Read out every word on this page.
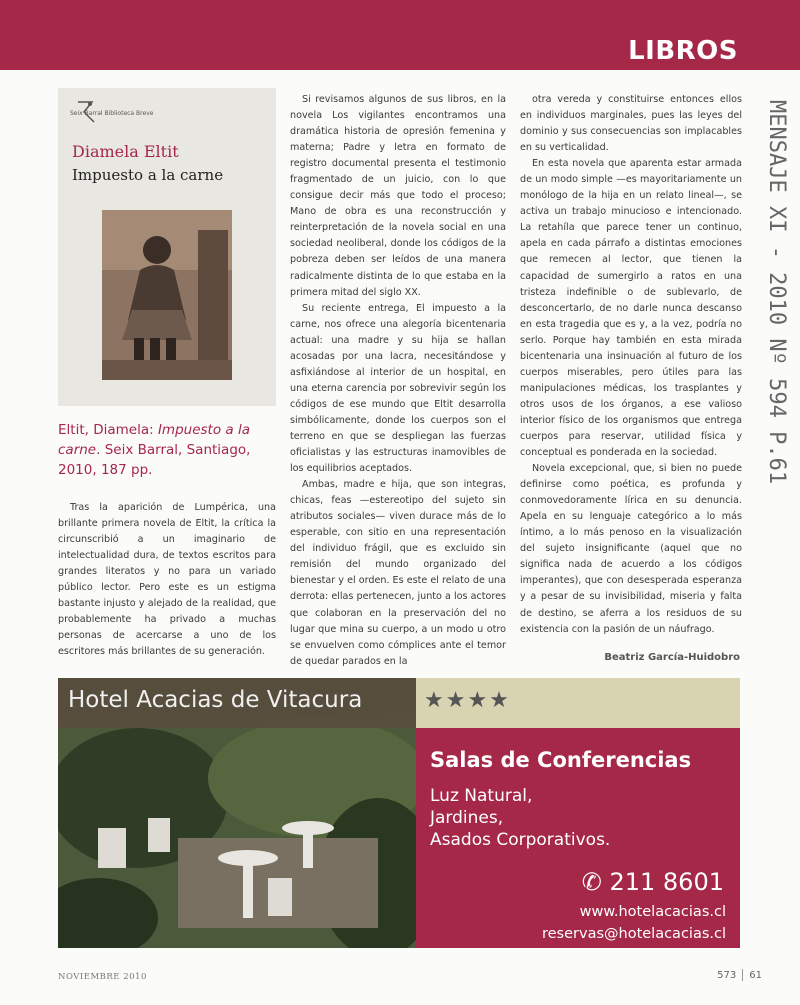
LIBROS
Seix Barral Biblioteca Breve
Diamela Eltit
Impuesto a la carne
Eltit, Diamela: Impuesto a la carne. Seix Barral, Santiago, 2010, 187 pp.

Tras la aparición de Lumpérica, una brillante primera novela de Eltit, la crítica la circunscribió a un imaginario de intelectualidad dura, de textos escritos para grandes literatos y no para un variado público lector. Pero este es un estigma bastante injusto y alejado de la realidad, que probablemente ha privado a muchas personas de acercarse a uno de los escritores más brillantes de su generación.

Si revisamos algunos de sus libros, en la novela Los vigilantes encontramos una dramática historia de opresión femenina y materna; Padre y letra en formato de registro documental presenta el testimonio fragmentado de un juicio, con lo que consigue decir más que todo el proceso; Mano de obra es una reconstrucción y reinterpretación de la novela social en una sociedad neoliberal, donde los códigos de la pobreza deben ser leídos de una manera radicalmente distinta de lo que estaba en la primera mitad del siglo XX.

Su reciente entrega, El impuesto a la carne, nos ofrece una alegoría bicentenaria actual: una madre y su hija se hallan acosadas por una lacra, necesitándose y asfixiándose al interior de un hospital, en una eterna carencia por sobrevivir según los códigos de ese mundo que Eltit desarrolla simbólicamente, donde los cuerpos son el terreno en que se despliegan las fuerzas oficialistas y las estructuras inamovibles de los equilibrios aceptados.

Ambas, madre e hija, que son integras, chicas, feas —estereotipo del sujeto sin atributos sociales— viven durace más de lo esperable, con sitio en una representación del individuo frágil, que es excluido sin remisión del mundo organizado del bienestar y el orden. Es este el relato de una derrota: ellas pertenecen, junto a los actores que colaboran en la preservación del no lugar que mina su cuerpo, a un modo u otro se envuelven como cómplices ante el temor de quedar parados en la

otra vereda y constituirse entonces ellos en individuos marginales, pues las leyes del dominio y sus consecuencias son implacables en su verticalidad.

En esta novela que aparenta estar armada de un modo simple —es mayoritariamente un monólogo de la hija en un relato lineal—, se activa un trabajo minucioso e intencionado. La retahíla que parece tener un continuo, apela en cada párrafo a distintas emociones que remecen al lector, que tienen la capacidad de sumergirlo a ratos en una tristeza indefinible o de sublevarlo, de desconcertarlo, de no darle nunca descanso en esta tragedia que es y, a la vez, podría no serlo. Porque hay también en esta mirada bicentenaria una insinuación al futuro de los cuerpos miserables, pero útiles para las manipulaciones médicas, los trasplantes y otros usos de los órganos, a ese valioso interior físico de los organismos que entrega cuerpos para reservar, utilidad física y conceptual es ponderada en la sociedad.

Novela excepcional, que, si bien no puede definirse como poética, es profunda y conmovedoramente lírica en su denuncia. Apela en su lenguaje categórico a lo más íntimo, a lo más penoso en la visualización del sujeto insignificante (aquel que no significa nada de acuerdo a los códigos imperantes), que con desesperada esperanza y a pesar de su invisibilidad, miseria y falta de destino, se aferra a los residuos de su existencia con la pasión de un náufrago.

Beatriz García-Huidobro
MENSAJE XI - 2010 Nº 594 P.61
Hotel Acacias de Vitacura	★★★★
Salas de Conferencias
Luz Natural,
Jardines,
Asados Corporativos.
✆ 211 8601
www.hotelacacias.cl
reservas@hotelacacias.cl
NOVIEMBRE 2010	573 61
